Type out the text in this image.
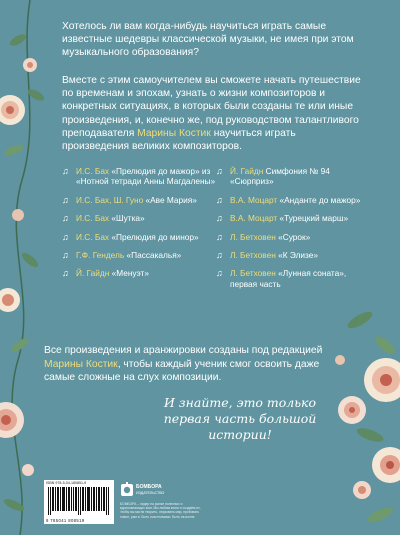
Хотелось ли вам когда-нибудь научиться играть самые известные шедевры классической музыки, не имея при этом музыкального образования?

Вместе с этим самоучителем вы сможете начать путешествие по временам и эпохам, узнать о жизни композиторов и конкретных ситуациях, в которых были созданы те или иные произведения, и, конечно же, под руководством талантливого преподавателя Марины Костик научиться играть произведения великих композиторов.

♫ И.С. Бах «Прелюдия до мажор» из «Нотной тетради Анны Магдалены»
♫ И.С. Бах, Ш. Гуно «Аве Мария»
♫ И.С. Бах «Шутка»
♫ И.С. Бах «Прелюдия до минор»
♫ Г.Ф. Гендель «Пассакалья»
♫ Й. Гайдн «Менуэт»
♫ Й. Гайдн Симфония № 94 «Сюрприз»
♫ В.А. Моцарт «Анданте до мажор»
♫ В.А. Моцарт «Турецкий марш»
♫ Л. Бетховен «Сурок»
♫ Л. Бетховен «К Элизе»
♫ Л. Бетховен «Лунная соната», первая часть

Все произведения и аранжировки созданы под редакцией Марины Костик, чтобы каждый ученик смог освоить даже самые сложные на слух композиции.

И знайте, это только первая часть большой истории!
ISBN 978-5-04-180851-9
9 785041 808519
БОМБОРА
ИЗДАТЕЛЬСТВО
БОМБОРА – лидер на рынке полезных и вдохновляющих книг. Мы любим книги и создаём их, чтобы вы могли творить, открывать мир, пробовать новое, расти. Быть счастливыми. Быть на волне.
